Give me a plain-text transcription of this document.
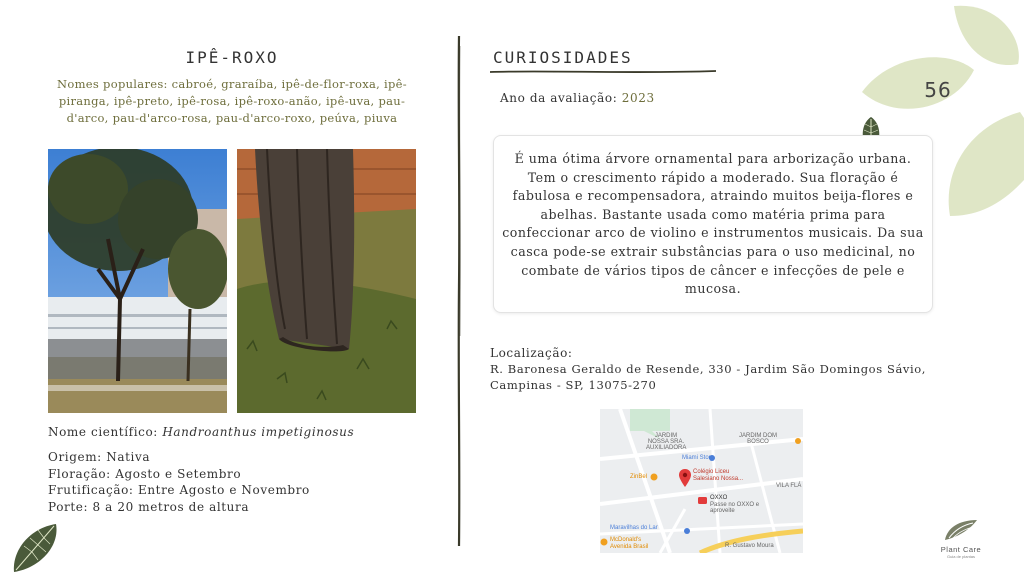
56
IPÊ-ROXO
Nomes populares: cabroé, graraíba, ipê-de-flor-roxa, ipê-piranga, ipê-preto, ipê-rosa, ipê-roxo-anão, ipê-uva, pau-d'arco, pau-d'arco-rosa, pau-d'arco-roxo, peúva, piuva
Nome científico: Handroanthus impetiginosus
Origem: Nativa
Floração: Agosto e Setembro
Frutificação: Entre Agosto e Novembro
Porte: 8 a 20 metros de altura
CURIOSIDADES
Ano da avaliação: 2023
É uma ótima árvore ornamental para arborização urbana. Tem o crescimento rápido a moderado. Sua floração é fabulosa e recompensadora, atraindo muitos beija-flores e abelhas. Bastante usada como matéria prima para confeccionar arco de violino e instrumentos musicais. Da sua casca pode-se extrair substâncias para o uso medicinal, no combate de vários tipos de câncer e infecções de pele e mucosa.
Localização:
R. Baronesa Geraldo de Resende, 330 - Jardim São Domingos Sávio, Campinas - SP, 13075-270
JARDIM NOSSA SRA. AUXILIADORA
JARDIM DOM BOSCO
Miami Store
Colégio Liceu Salesiano Nossa...
ZinBel
OXXO
Passe no OXXO e aproveite
Maravilhas do Lar
McDonald's Avenida Brasil
VILA FLÁ
R. Gustavo Moura	Plant Care
Guia de plantas
